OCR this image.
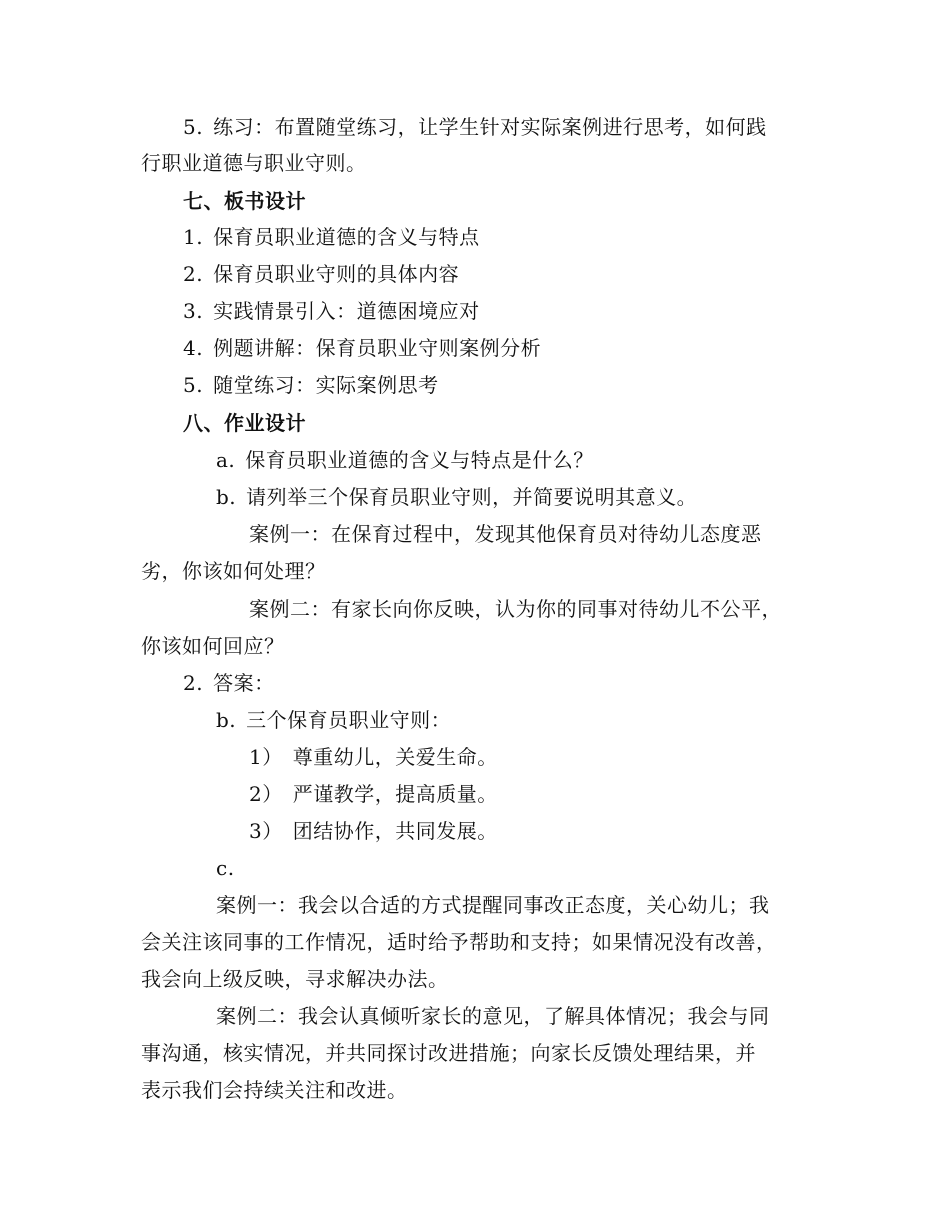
5. 练习：布置随堂练习，让学生针对实际案例进行思考，如何践
行职业道德与职业守则。
七、板书设计
1. 保育员职业道德的含义与特点
2. 保育员职业守则的具体内容
3. 实践情景引入：道德困境应对
4. 例题讲解：保育员职业守则案例分析
5. 随堂练习：实际案例思考
八、作业设计
a. 保育员职业道德的含义与特点是什么？
b. 请列举三个保育员职业守则，并简要说明其意义。
案例一：在保育过程中，发现其他保育员对待幼儿态度恶
劣，你该如何处理？
案例二：有家长向你反映，认为你的同事对待幼儿不公平，
你该如何回应？
2. 答案：
b. 三个保育员职业守则：
1） 尊重幼儿，关爱生命。
2） 严谨教学，提高质量。
3） 团结协作，共同发展。
c.
案例一：我会以合适的方式提醒同事改正态度，关心幼儿；我
会关注该同事的工作情况，适时给予帮助和支持；如果情况没有改善，
我会向上级反映，寻求解决办法。
案例二：我会认真倾听家长的意见，了解具体情况；我会与同
事沟通，核实情况，并共同探讨改进措施；向家长反馈处理结果，并
表示我们会持续关注和改进。
